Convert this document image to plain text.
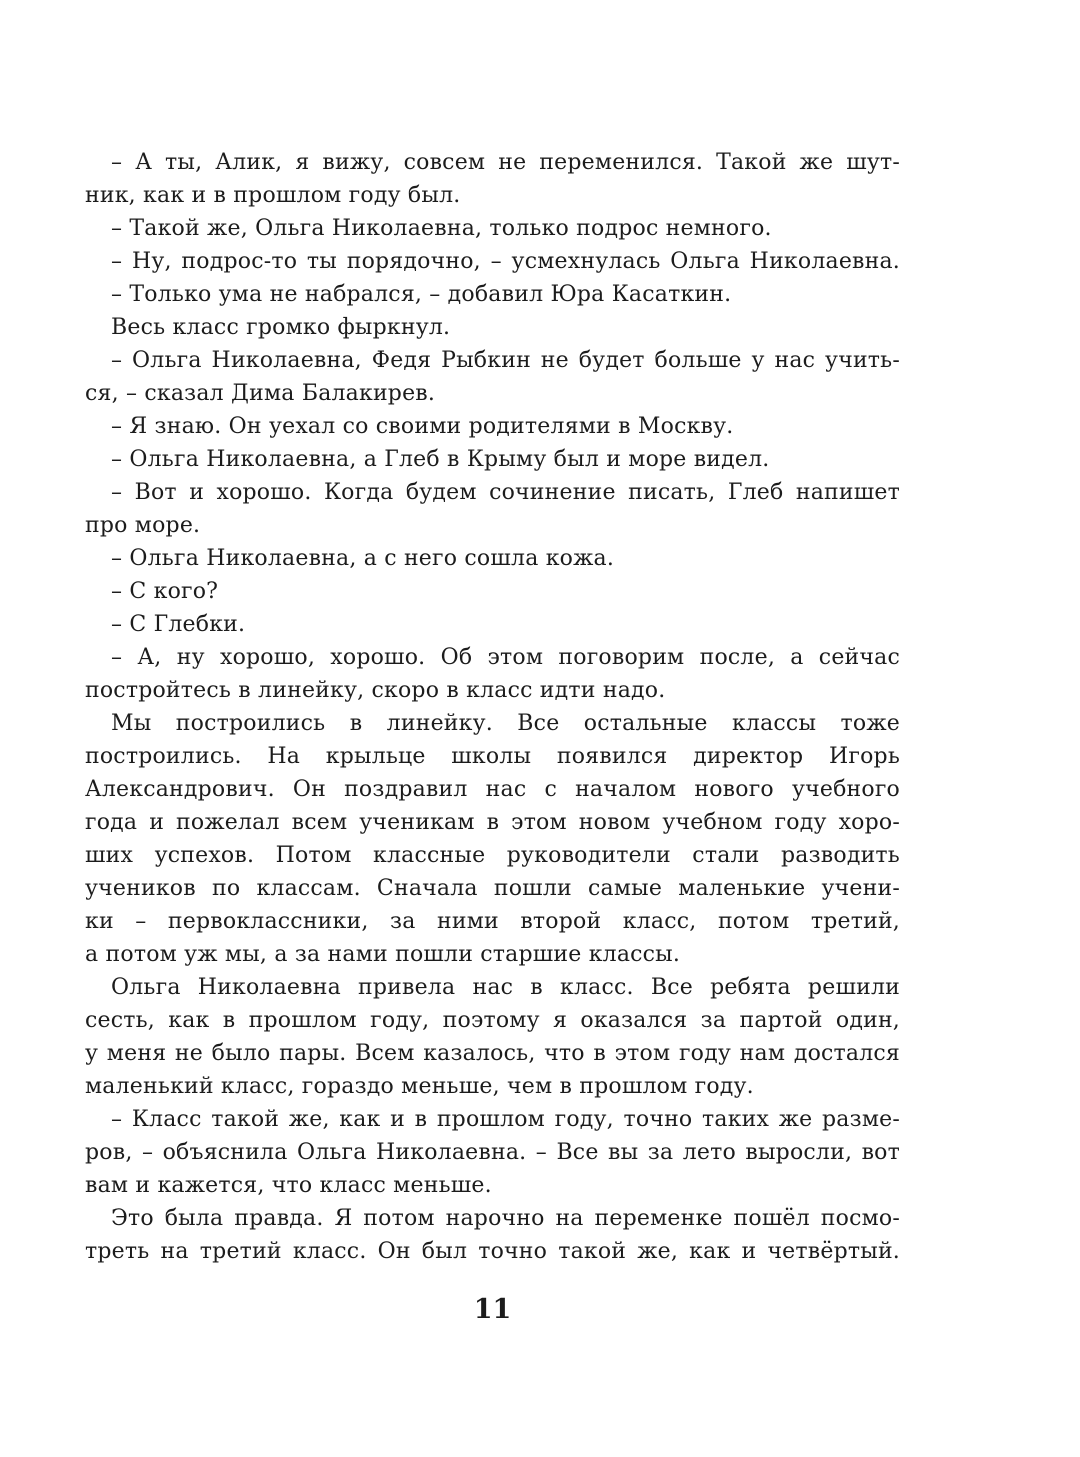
– А ты, Алик, я вижу, совсем не переменился. Такой же шут-
ник, как и в прошлом году был.
– Такой же, Ольга Николаевна, только подрос немного.
– Ну, подрос-то ты порядочно, – усмехнулась Ольга Николаевна.
– Только ума не набрался, – добавил Юра Касаткин.
Весь класс громко фыркнул.
– Ольга Николаевна, Федя Рыбкин не будет больше у нас учить-
ся, – сказал Дима Балакирев.
– Я знаю. Он уехал со своими родителями в Москву.
– Ольга Николаевна, а Глеб в Крыму был и море видел.
– Вот и хорошо. Когда будем сочинение писать, Глеб напишет
про море.
– Ольга Николаевна, а с него сошла кожа.
– С кого?
– С Глебки.
– А, ну хорошо, хорошо. Об этом поговорим после, а сейчас
постройтесь в линейку, скоро в класс идти надо.
Мы построились в линейку. Все остальные классы тоже
построились. На крыльце школы появился директор Игорь
Александрович. Он поздравил нас с началом нового учебного
года и пожелал всем ученикам в этом новом учебном году хоро-
ших успехов. Потом классные руководители стали разводить
учеников по классам. Сначала пошли самые маленькие учени-
ки – первоклассники, за ними второй класс, потом третий,
а потом уж мы, а за нами пошли старшие классы.
Ольга Николаевна привела нас в класс. Все ребята решили
сесть, как в прошлом году, поэтому я оказался за партой один,
у меня не было пары. Всем казалось, что в этом году нам достался
маленький класс, гораздо меньше, чем в прошлом году.
– Класс такой же, как и в прошлом году, точно таких же разме-
ров, – объяснила Ольга Николаевна. – Все вы за лето выросли, вот
вам и кажется, что класс меньше.
Это была правда. Я потом нарочно на переменке пошёл посмо-
треть на третий класс. Он был точно такой же, как и четвёртый.
11
